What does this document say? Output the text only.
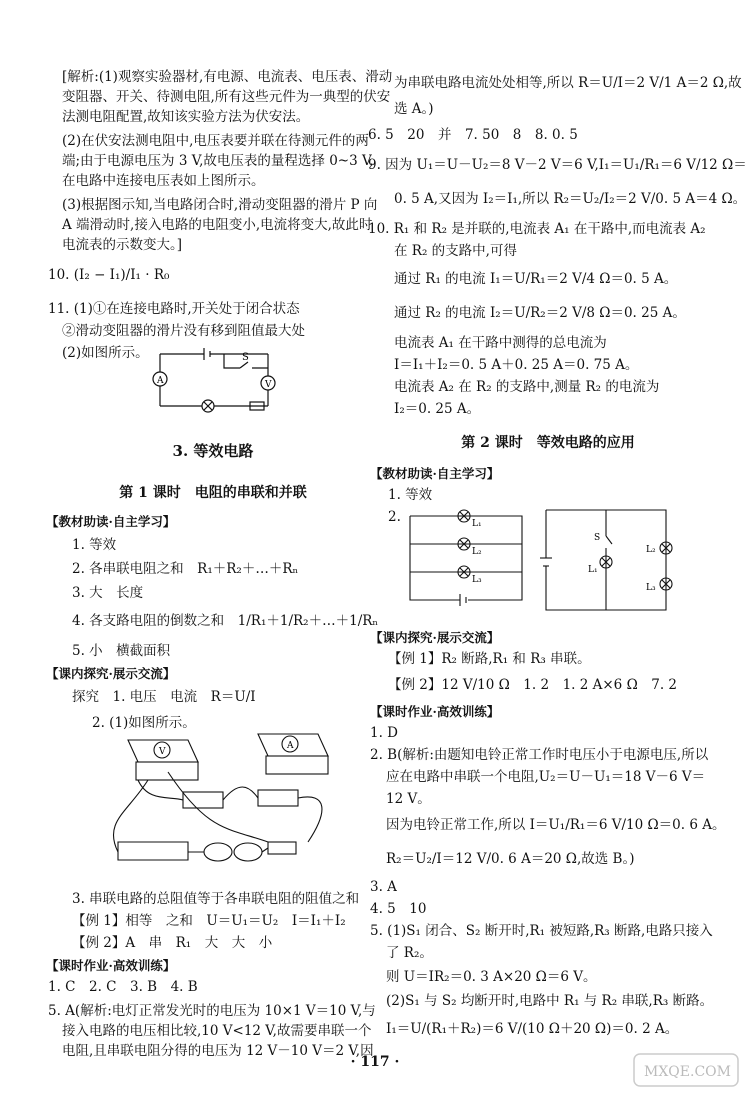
[解析:(1)观察实验器材,有电源、电流表、电压表、滑动
变阻器、开关、待测电阻,所有这些元件为一典型的伏安
法测电阻配置,故知该实验方法为伏安法。
(2)在伏安法测电阻中,电压表要并联在待测元件的两
端;由于电源电压为 3 V,故电压表的量程选择 0~3 V,
在电路中连接电压表如上图所示。
(3)根据图示知,当电路闭合时,滑动变阻器的滑片 P 向
A 端滑动时,接入电路的电阻变小,电流将变大,故此时
电流表的示数变大。]
10. (I₂ − I₁)/I₁ · R₀
11. (1)①在连接电路时,开关处于闭合状态
②滑动变阻器的滑片没有移到阻值最大处
(2)如图所示。
A
S
V
3. 等效电路
第 1 课时　电阻的串联和并联
【教材助读·自主学习】
1. 等效
2. 各串联电阻之和　R₁＋R₂＋…＋Rₙ
3. 大　长度
4. 各支路电阻的倒数之和　1/R₁＋1/R₂＋…＋1/Rₙ
5. 小　横截面积
【课内探究·展示交流】
探究　1. 电压　电流　R＝U/I
2. (1)如图所示。
V
A
3. 串联电路的总阻值等于各串联电阻的阻值之和
【例 1】相等　之和　U＝U₁＝U₂　I＝I₁＋I₂
【例 2】A　串　R₁　大　大　小
【课时作业·高效训练】
1. C　2. C　3. B　4. B
5. A(解析:电灯正常发光时的电压为 10×1 V＝10 V,与
接入电路的电压相比较,10 V<12 V,故需要串联一个
电阻,且串联电阻分得的电压为 12 V－10 V＝2 V,因
为串联电路电流处处相等,所以 R＝U/I＝2 V/1 A＝2 Ω,故
选 A。)
6. 5　20　并　7. 50　8　8. 0. 5
9. 因为 U₁＝U－U₂＝8 V－2 V＝6 V,I₁＝U₁/R₁＝6 V/12 Ω＝
0. 5 A,又因为 I₂＝I₁,所以 R₂＝U₂/I₂＝2 V/0. 5 A＝4 Ω。
10. R₁ 和 R₂ 是并联的,电流表 A₁ 在干路中,而电流表 A₂
在 R₂ 的支路中,可得
通过 R₁ 的电流 I₁＝U/R₁＝2 V/4 Ω＝0. 5 A。
通过 R₂ 的电流 I₂＝U/R₂＝2 V/8 Ω＝0. 25 A。
电流表 A₁ 在干路中测得的总电流为
I＝I₁＋I₂＝0. 5 A＋0. 25 A＝0. 75 A。
电流表 A₂ 在 R₂ 的支路中,测量 R₂ 的电流为
I₂＝0. 25 A。
第 2 课时　等效电路的应用
【教材助读·自主学习】
1. 等效
2.	L₁
L₂
L₃
S
L₁
L₂
L₃
【课内探究·展示交流】
【例 1】R₂ 断路,R₁ 和 R₃ 串联。
【例 2】12 V/10 Ω　1. 2　1. 2 A×6 Ω　7. 2
【课时作业·高效训练】
1. D
2. B(解析:由题知电铃正常工作时电压小于电源电压,所以
应在电路中串联一个电阻,U₂＝U－U₁＝18 V－6 V＝
12 V。
因为电铃正常工作,所以 I＝U₁/R₁＝6 V/10 Ω＝0. 6 A。
R₂＝U₂/I＝12 V/0. 6 A＝20 Ω,故选 B。)
3. A
4. 5　10
5. (1)S₁ 闭合、S₂ 断开时,R₁ 被短路,R₃ 断路,电路只接入
了 R₂。
则 U＝IR₂＝0. 3 A×20 Ω＝6 V。
(2)S₁ 与 S₂ 均断开时,电路中 R₁ 与 R₂ 串联,R₃ 断路。
I₁＝U/(R₁＋R₂)＝6 V/(10 Ω＋20 Ω)＝0. 2 A。
· 117 ·
MXQE.COM
